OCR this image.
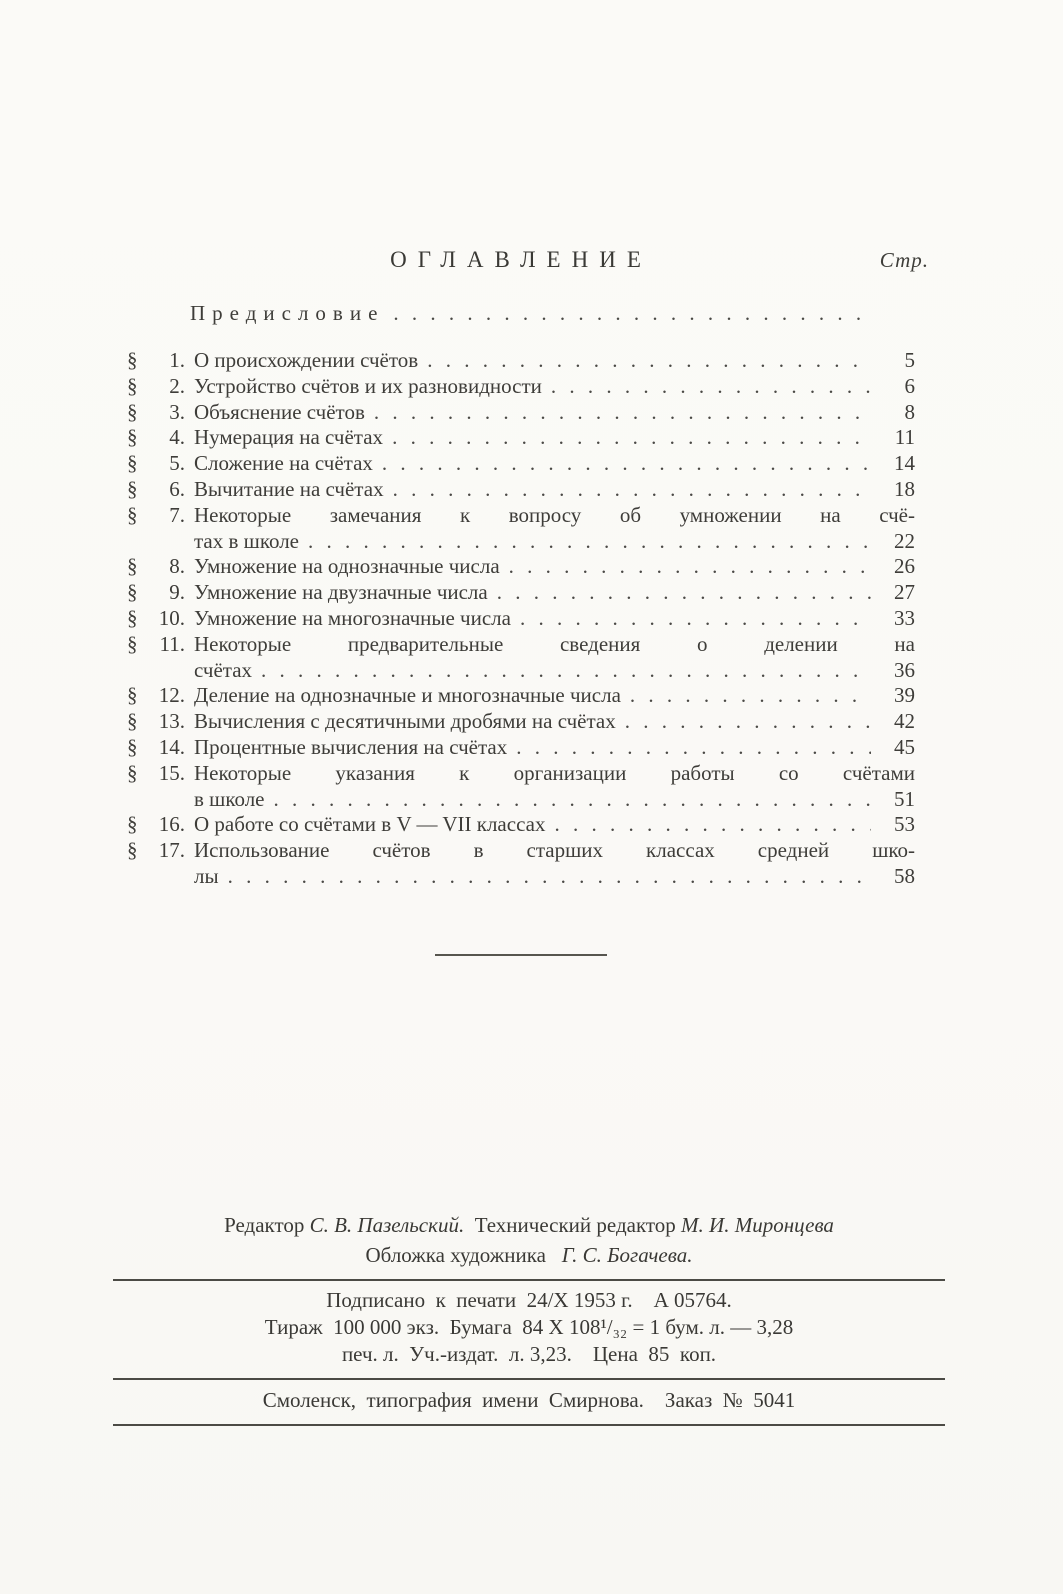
ОГЛАВЛЕНИЕ	Стр.
Предисловие
. . .
§ 1. О происхождении счётов . . .	5
§ 2. Устройство счётов и их разновидности . . .	6
§ 3. Объяснение счётов . . .	8
§ 4. Нумерация на счётах . . .	11
§ 5. Сложение на счётах . . .	14
§ 6. Вычитание на счётах . . .	18
§ 7. Некоторые замечания к вопросу об умножении на счё-
тах в школе . . .	22
§ 8. Умножение на однозначные числа . . .	26
§ 9. Умножение на двузначные числа . . .	27
§ 10. Умножение на многозначные числа . . .	33
§ 11. Некоторые предварительные сведения о делении на
счётах . . .	36
§ 12. Деление на однозначные и многозначные числа . . .	39
§ 13. Вычисления с десятичными дробями на счётах . . .	42
§ 14. Процентные вычисления на счётах . . .	45
§ 15. Некоторые указания к организации работы со счётами
в школе . . .	51
§ 16. О работе со счётами в V — VII классах . . .	53
§ 17. Использование счётов в старших классах средней шко-
лы . . .	58
Редактор С. В. Пазельский. Технический редактор М. И. Миронцева
Обложка художника Г. С. Богачева.
Подписано  к  печати  24/X 1953 г.    А 05764.
Тираж  100 000 экз.  Бумага  84 X 108¹/₃₂ = 1 бум. л. — 3,28
печ. л.  Уч.-издат.  л. 3,23.    Цена  85  коп.
Смоленск,  типография  имени  Смирнова.    Заказ  №  5041
